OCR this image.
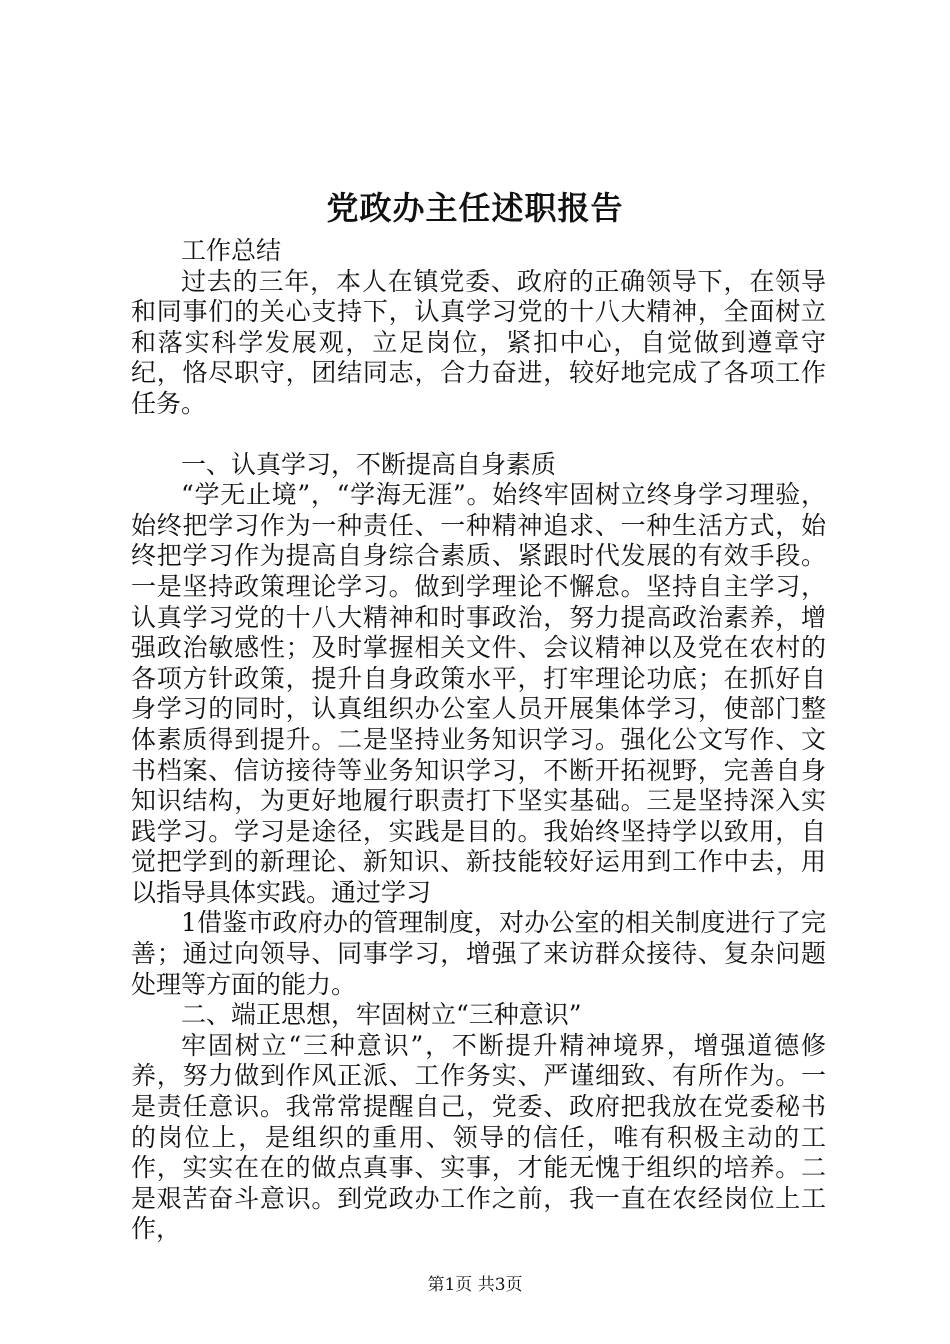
党政办主任述职报告

工作总结

过去的三年，本人在镇党委、政府的正确领导下，在领导和同事们的关心支持下，认真学习党的十八大精神，全面树立和落实科学发展观，立足岗位，紧扣中心，自觉做到遵章守纪，恪尽职守，团结同志，合力奋进，较好地完成了各项工作任务。

一、认真学习，不断提高自身素质

“学无止境”，“学海无涯”。始终牢固树立终身学习理验，始终把学习作为一种责任、一种精神追求、一种生活方式，始终把学习作为提高自身综合素质、紧跟时代发展的有效手段。一是坚持政策理论学习。做到学理论不懈怠。坚持自主学习，认真学习党的十八大精神和时事政治，努力提高政治素养，增强政治敏感性；及时掌握相关文件、会议精神以及党在农村的各项方针政策，提升自身政策水平，打牢理论功底；在抓好自身学习的同时，认真组织办公室人员开展集体学习，使部门整体素质得到提升。二是坚持业务知识学习。强化公文写作、文书档案、信访接待等业务知识学习，不断开拓视野，完善自身知识结构，为更好地履行职责打下坚实基础。三是坚持深入实践学习。学习是途径，实践是目的。我始终坚持学以致用，自觉把学到的新理论、新知识、新技能较好运用到工作中去，用以指导具体实践。通过学习

1借鉴市政府办的管理制度，对办公室的相关制度进行了完善；通过向领导、同事学习，增强了来访群众接待、复杂问题处理等方面的能力。

二、端正思想，牢固树立“三种意识”

牢固树立“三种意识”，不断提升精神境界，增强道德修养，努力做到作风正派、工作务实、严谨细致、有所作为。一是责任意识。我常常提醒自己，党委、政府把我放在党委秘书的岗位上，是组织的重用、领导的信任，唯有积极主动的工作，实实在在的做点真事、实事，才能无愧于组织的培养。二是艰苦奋斗意识。到党政办工作之前，我一直在农经岗位上工作，

第1页 共3页
